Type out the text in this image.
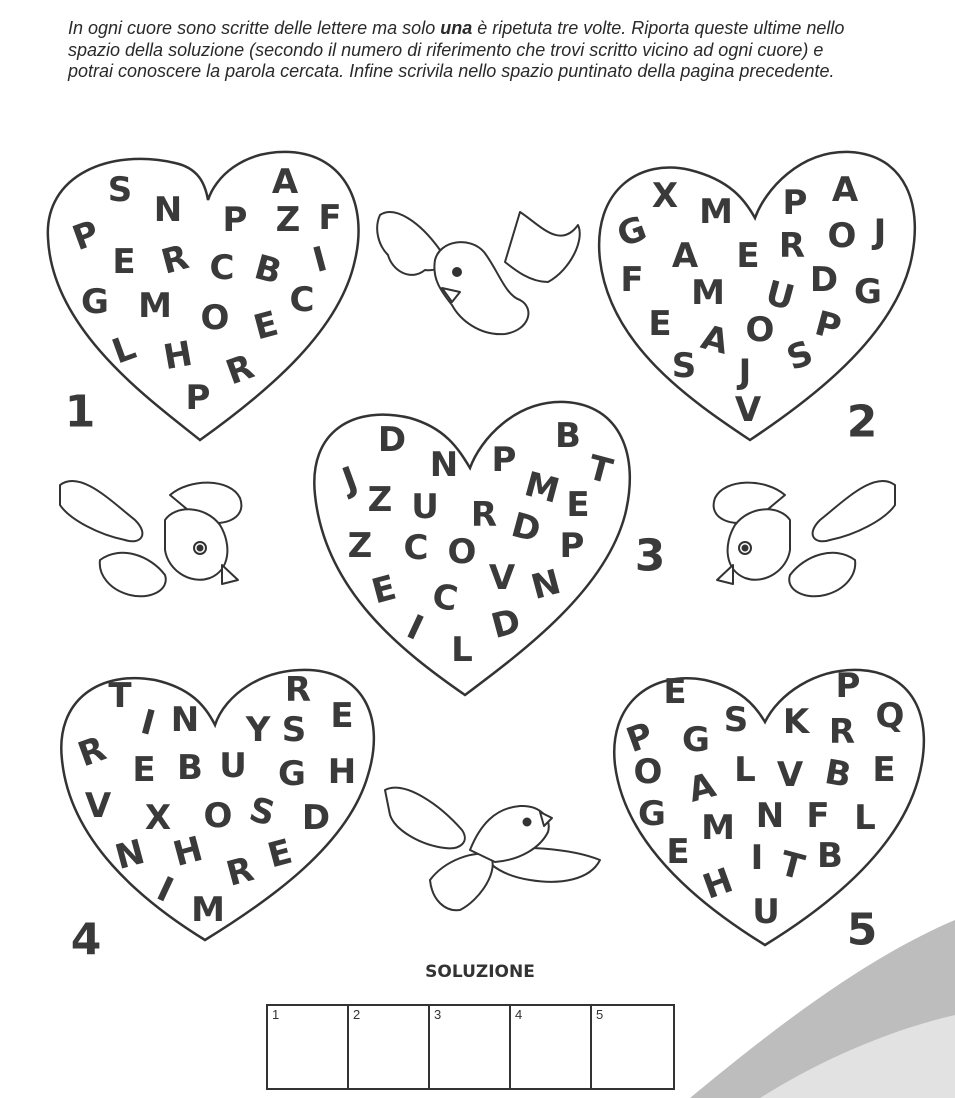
In ogni cuore sono scritte delle lettere ma solo una è ripetuta tre volte. Riporta queste ultime nello spazio della soluzione (secondo il numero di riferimento che trovi scritto vicino ad ogni cuore) e potrai conoscere la parola cercata. Infine scrivila nello spazio puntinato della pagina precedente.

S N
A
P Z F
P
E R C B I
G M O C
E
L H R
P
1
X M P A
G
A E R O J
F M U D G
E A O P
S J S
V 2
D	B
N P
M T
J Z U R E
D
Z C O P
V N
E C
I D
L
3
T	R
I N Y S E
R E B U G H
V X O S D
N H E
R
I M
4
E	P
P G S K R Q
O L V B E
A
G M N F L
E I T B
H
U 5
SOLUZIONE
1	2	3	4	5
